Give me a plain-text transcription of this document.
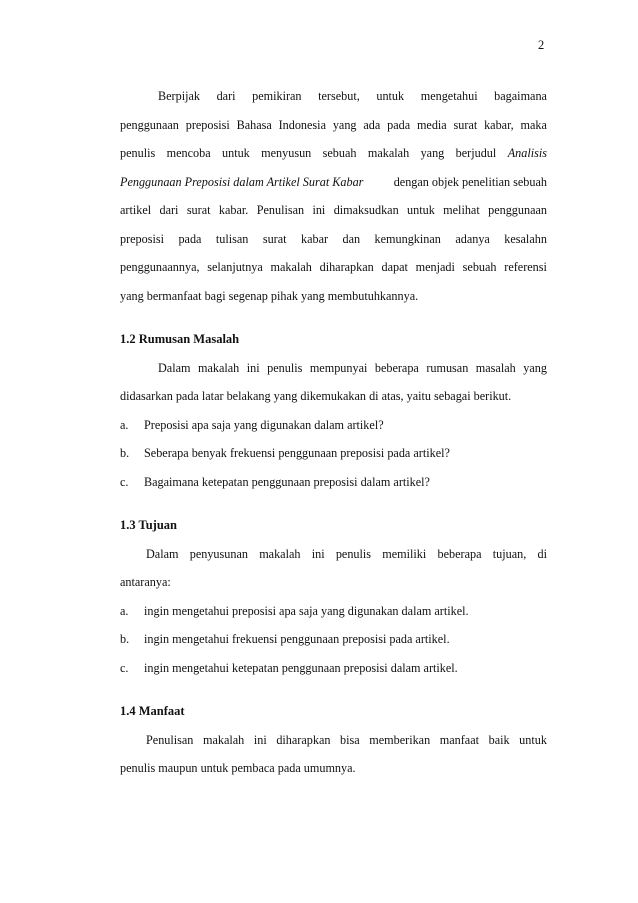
2
Berpijak dari pemikiran tersebut, untuk mengetahui bagaimana
penggunaan preposisi Bahasa Indonesia yang ada pada media surat kabar, maka
penulis mencoba untuk menyusun sebuah makalah yang berjudul Analisis
Penggunaan Preposisi dalam Artikel Surat Kabar dengan objek penelitian sebuah
artikel dari surat kabar. Penulisan ini dimaksudkan untuk melihat penggunaan
preposisi pada tulisan surat kabar dan kemungkinan adanya kesalahn
penggunaannya, selanjutnya makalah diharapkan dapat menjadi sebuah referensi
yang bermanfaat bagi segenap pihak yang membutuhkannya.
1.2 Rumusan Masalah
Dalam makalah ini penulis mempunyai beberapa rumusan masalah yang
didasarkan pada latar belakang yang dikemukakan di atas, yaitu sebagai berikut.
a.	Preposisi apa saja yang digunakan dalam artikel?
b.	Seberapa benyak frekuensi penggunaan preposisi pada artikel?
c.	Bagaimana ketepatan penggunaan preposisi dalam artikel?
1.3 Tujuan
Dalam penyusunan makalah ini penulis memiliki beberapa tujuan, di
antaranya:
a.	ingin mengetahui preposisi apa saja yang digunakan dalam artikel.
b.	ingin mengetahui frekuensi penggunaan preposisi pada artikel.
c.	ingin mengetahui ketepatan penggunaan preposisi dalam artikel.
1.4 Manfaat
Penulisan makalah ini diharapkan bisa memberikan manfaat baik untuk
penulis maupun untuk pembaca pada umumnya.
